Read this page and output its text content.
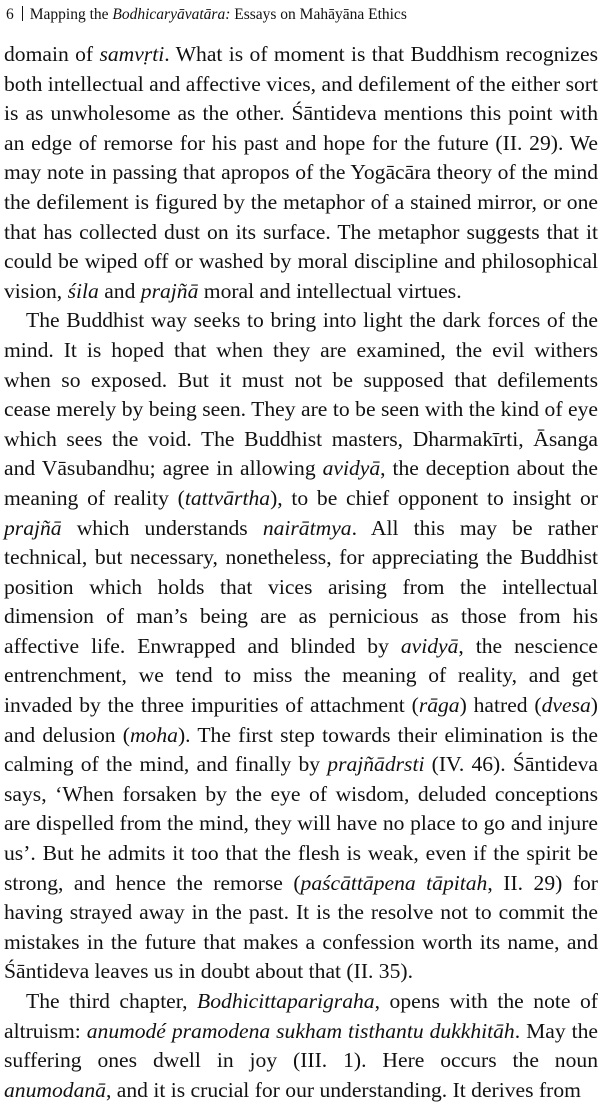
6 Mapping the Bodhicaryāvatāra: Essays on Mahāyāna Ethics

domain of samvṛti. What is of moment is that Buddhism recognizes both intellectual and affective vices, and defilement of the either sort is as unwholesome as the other. Śāntideva mentions this point with an edge of remorse for his past and hope for the future (II. 29). We may note in passing that apropos of the Yogācāra theory of the mind the defilement is figured by the metaphor of a stained mirror, or one that has collected dust on its surface. The metaphor suggests that it could be wiped off or washed by moral discipline and philosophical vision, śila and prajñā moral and intellectual virtues.

The Buddhist way seeks to bring into light the dark forces of the mind. It is hoped that when they are examined, the evil withers when so exposed. But it must not be supposed that defilements cease merely by being seen. They are to be seen with the kind of eye which sees the void. The Buddhist masters, Dharmakīrti, Āsanga and Vāsubandhu; agree in allowing avidyā, the deception about the meaning of reality (tattvārtha), to be chief opponent to insight or prajñā which understands nairātmya. All this may be rather technical, but necessary, nonetheless, for appreciating the Buddhist position which holds that vices arising from the intellectual dimension of man’s being are as pernicious as those from his affective life. Enwrapped and blinded by avidyā, the nescience entrenchment, we tend to miss the meaning of reality, and get invaded by the three impurities of attachment (rāga) hatred (dvesa) and delusion (moha). The first step towards their elimination is the calming of the mind, and finally by prajñādrsti (IV. 46). Śāntideva says, ‘When forsaken by the eye of wisdom, deluded conceptions are dispelled from the mind, they will have no place to go and injure us’. But he admits it too that the flesh is weak, even if the spirit be strong, and hence the remorse (paścāttāpena tāpitah, II. 29) for having strayed away in the past. It is the resolve not to commit the mistakes in the future that makes a confession worth its name, and Śāntideva leaves us in doubt about that (II. 35).

The third chapter, Bodhicittaparigraha, opens with the note of altruism: anumodé pramodena sukham tisthantu dukkhitāh. May the suffering ones dwell in joy (III. 1). Here occurs the noun anumodanā, and it is crucial for our understanding. It derives from
